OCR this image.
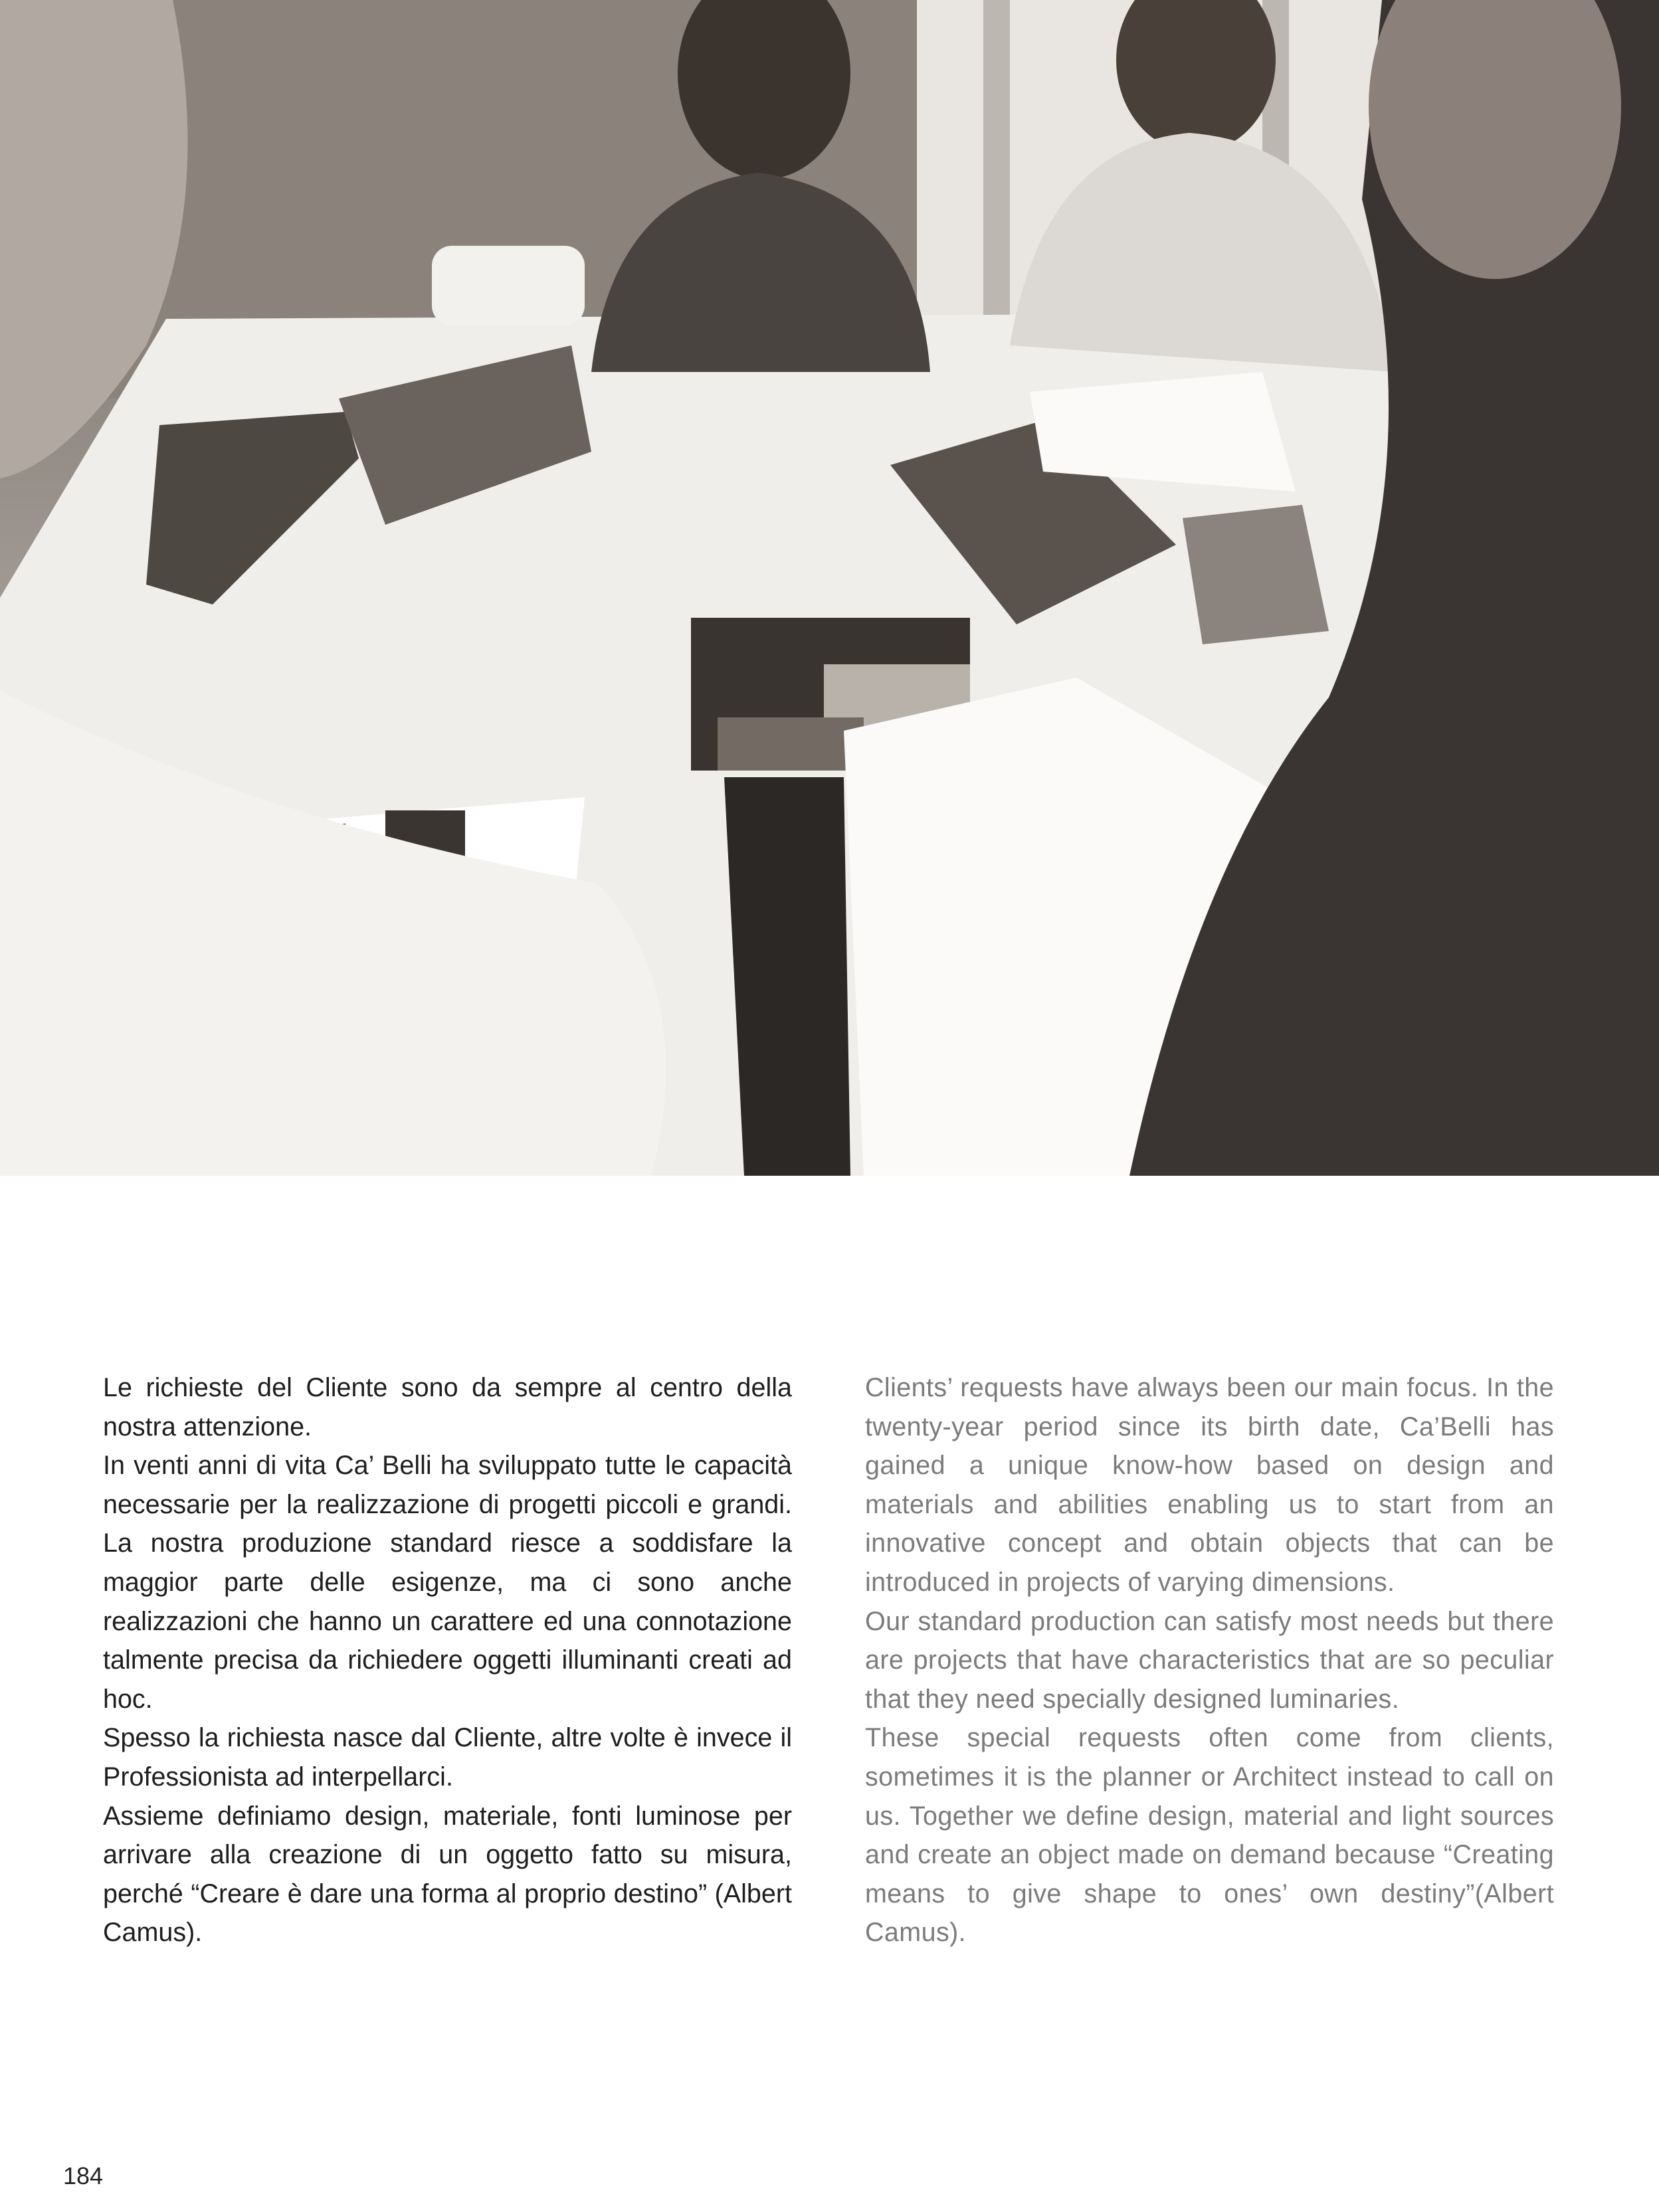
Le richieste del Cliente sono da sempre al centro della nostra attenzione.

In venti anni di vita Ca’ Belli ha sviluppato tutte le capacità necessarie per la realizzazione di progetti piccoli e grandi. La nostra produzione standard riesce a soddisfare la maggior parte delle esigenze, ma ci sono anche realizzazioni che hanno un carattere ed una connotazione talmente precisa da richiedere oggetti illuminanti creati ad hoc.

Spesso la richiesta nasce dal Cliente, altre volte è invece il Professionista ad interpellarci.

Assieme definiamo design, materiale, fonti luminose per arrivare alla creazione di un oggetto fatto su misura, perché “Creare è dare una forma al proprio destino” (Albert Camus).

Clients’ requests have always been our main focus. In the twenty-year period since its birth date, Ca’Belli has gained a unique know-how based on design and materials and abilities enabling us to start from an innovative concept and obtain objects that can be introduced in projects of varying dimensions.

Our standard production can satisfy most needs but there are projects that have characteristics that are so peculiar that they need specially designed luminaries.

These special requests often come from clients, sometimes it is the planner or Architect instead to call on us. Together we define design, material and light sources and create an object made on demand because “Creating means to give shape to ones’ own destiny”(Albert Camus).

184
